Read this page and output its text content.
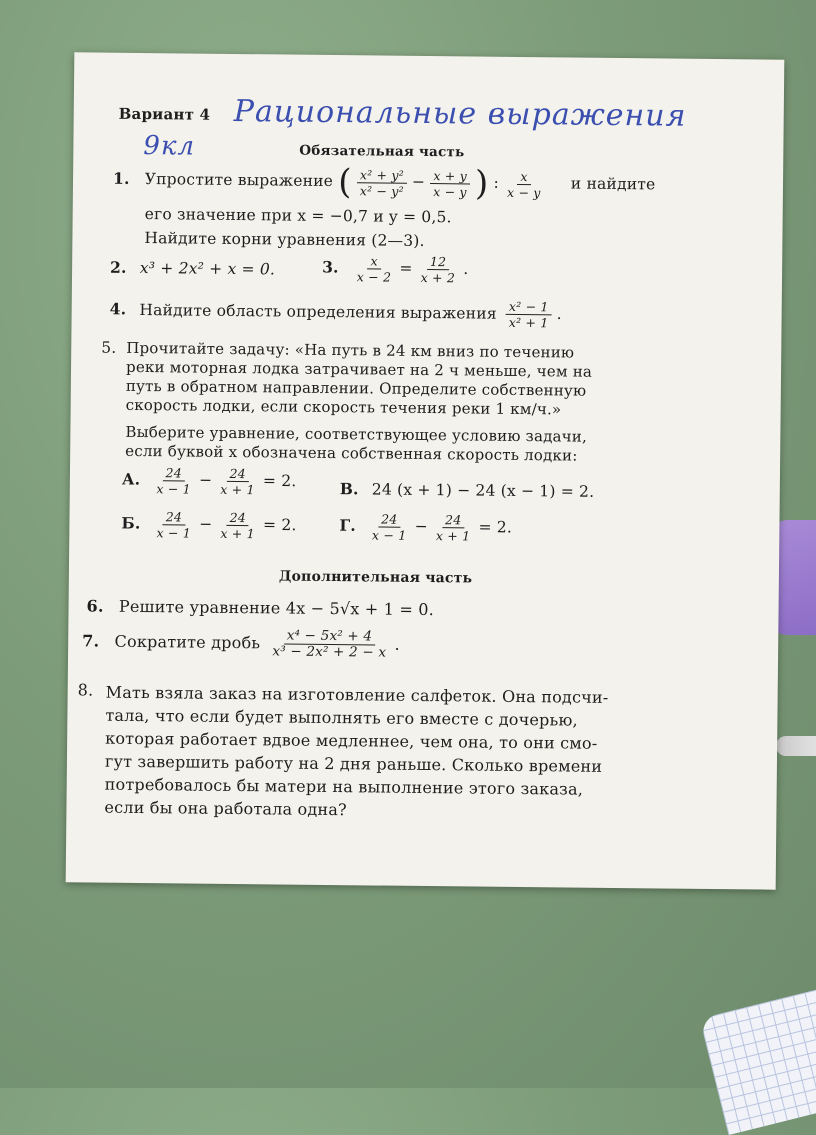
Вариант 4 Рациональные выражения
9кл	Обязательная часть
1. Упростите выражение ( $\frac{\text{x² + y²}}{\text{x² − y²}} - \frac{x + y}{x - y}$ ) : $\frac{x}{x - y}$ и найдите
его значение при x = −0,7 и y = 0,5.
Найдите корни уравнения (2—3).
2. x³ + 2x² + x = 0.	3. $\frac{x}{x - 2} = \frac{12}{x + 2}$ .
4. Найдите область определения выражения $\frac{\text{x² − 1}}{\text{x² + 1}}$ .
5. Прочитайте задачу: «На путь в 24 км вниз по течению
реки моторная лодка затрачивает на 2 ч меньше, чем на
путь в обратном направлении. Определите собственную
скорость лодки, если скорость течения реки 1 км/ч.»
Выберите уравнение, соответствующее условию задачи,
если буквой x обозначена собственная скорость лодки:
А. $\frac{24}{x - 1} - \frac{24}{x + 1} = 2$.	В. 24 (x + 1) − 24 (x − 1) = 2.
Б. $\frac{24}{x - 1} - \frac{24}{x + 1} = 2$.	Г. $\frac{24}{x - 1} - \frac{24}{x + 1} = 2$.
Дополнительная часть
6. Решите уравнение 4x − 5√x + 1 = 0.
7. Сократите дробь $\frac{\text{x⁴ − 5x² + 4}}{\text{x³ − 2x² + 2 − x}}$ .
8. Мать взяла заказ на изготовление салфеток. Она подсчи-
тала, что если будет выполнять его вместе с дочерью,
которая работает вдвое медленнее, чем она, то они смо-
гут завершить работу на 2 дня раньше. Сколько времени
потребовалось бы матери на выполнение этого заказа,
если бы она работала одна?
